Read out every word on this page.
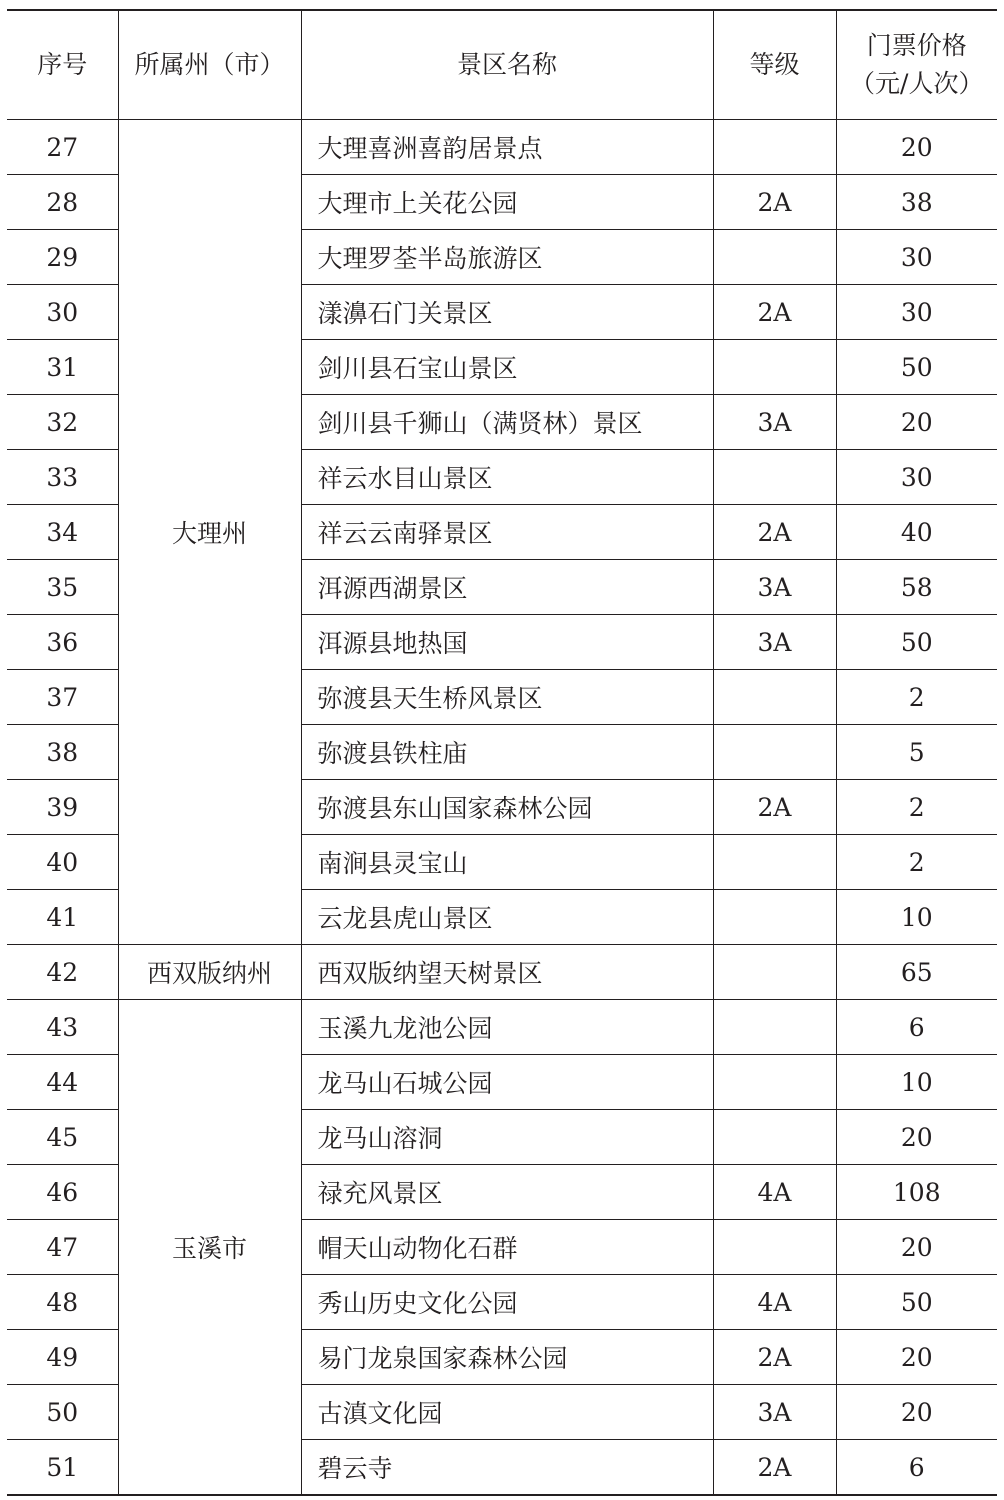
序号	所属州（市）	景区名称	等级	门票价格
（元/人次）

27	大理州	大理喜洲喜韵居景点		20
28		大理市上关花公园	2A	38
29		大理罗荃半岛旅游区		30
30		漾濞石门关景区	2A	30
31		剑川县石宝山景区		50
32		剑川县千狮山（满贤林）景区	3A	20
33		祥云水目山景区		30
34		祥云云南驿景区	2A	40
35		洱源西湖景区	3A	58
36		洱源县地热国	3A	50
37		弥渡县天生桥风景区		2
38		弥渡县铁柱庙		5
39		弥渡县东山国家森林公园	2A	2
40		南涧县灵宝山		2
41		云龙县虎山景区		10
42	西双版纳州	西双版纳望天树景区		65
43	玉溪市	玉溪九龙池公园		6
44		龙马山石城公园		10
45		龙马山溶洞		20
46		禄充风景区	4A	108
47		帽天山动物化石群		20
48		秀山历史文化公园	4A	50
49		易门龙泉国家森林公园	2A	20
50		古滇文化园	3A	20
51		碧云寺	2A	6
